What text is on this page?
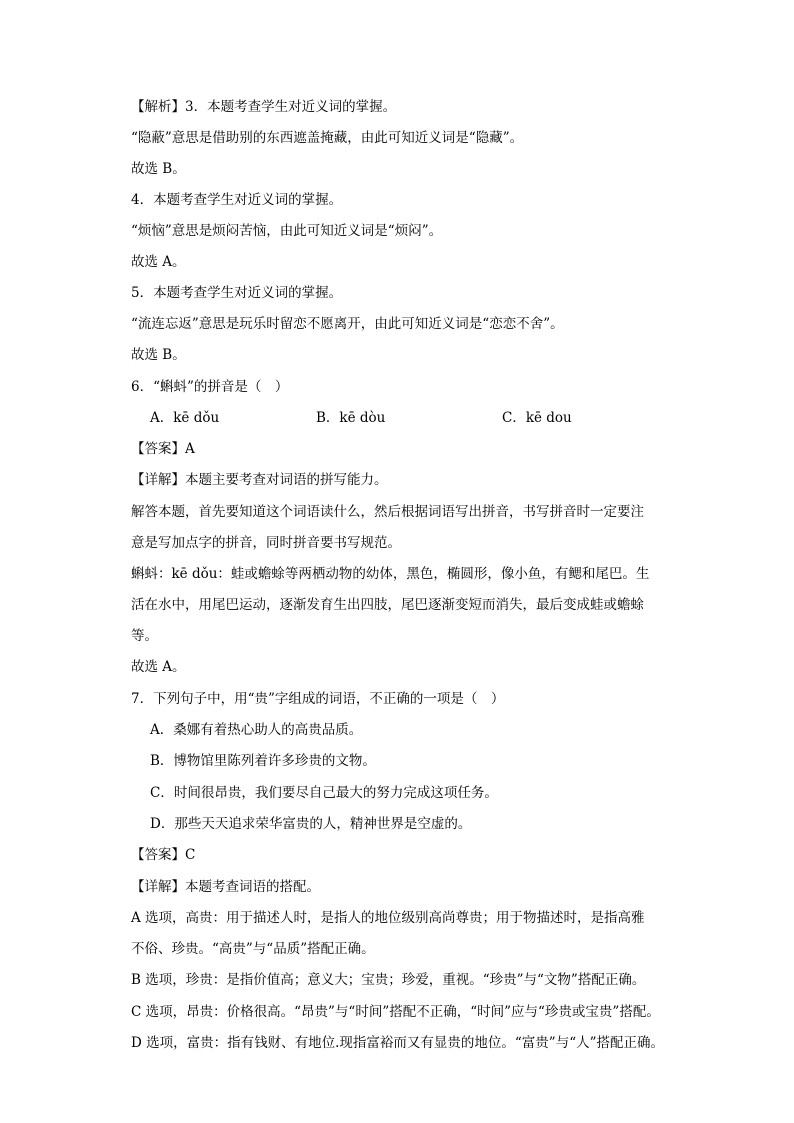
【解析】3．本题考查学生对近义词的掌握。
“隐蔽”意思是借助别的东西遮盖掩藏，由此可知近义词是“隐藏”。
故选 B。
4．本题考查学生对近义词的掌握。
“烦恼”意思是烦闷苦恼，由此可知近义词是“烦闷”。
故选 A。
5．本题考查学生对近义词的掌握。
“流连忘返”意思是玩乐时留恋不愿离开，由此可知近义词是“恋恋不舍”。
故选 B。
6．“蝌蚪”的拼音是（　）
A．kē dǒu	B．kē dòu	C．kē dou
【答案】A
【详解】本题主要考查对词语的拼写能力。
解答本题，首先要知道这个词语读什么，然后根据词语写出拼音，书写拼音时一定要注
意是写加点字的拼音，同时拼音要书写规范。
蝌蚪：kē dǒu：蛙或蟾蜍等两栖动物的幼体，黑色，椭圆形，像小鱼，有鳃和尾巴。生
活在水中，用尾巴运动，逐渐发育生出四肢，尾巴逐渐变短而消失，最后变成蛙或蟾蜍
等。
故选 A。
7．下列句子中，用“贵”字组成的词语，不正确的一项是（　）
A．桑娜有着热心助人的高贵品质。
B．博物馆里陈列着许多珍贵的文物。
C．时间很昂贵，我们要尽自己最大的努力完成这项任务。
D．那些天天追求荣华富贵的人，精神世界是空虚的。
【答案】C
【详解】本题考查词语的搭配。
A 选项，高贵：用于描述人时，是指人的地位级别高尚尊贵；用于物描述时，是指高雅
不俗、珍贵。“高贵”与“品质”搭配正确。
B 选项，珍贵：是指价值高；意义大；宝贵；珍爱，重视。“珍贵”与“文物”搭配正确。
C 选项，昂贵：价格很高。“昂贵”与“时间”搭配不正确，“时间”应与“珍贵或宝贵”搭配。
D 选项，富贵：指有钱财、有地位.现指富裕而又有显贵的地位。“富贵”与“人”搭配正确。
